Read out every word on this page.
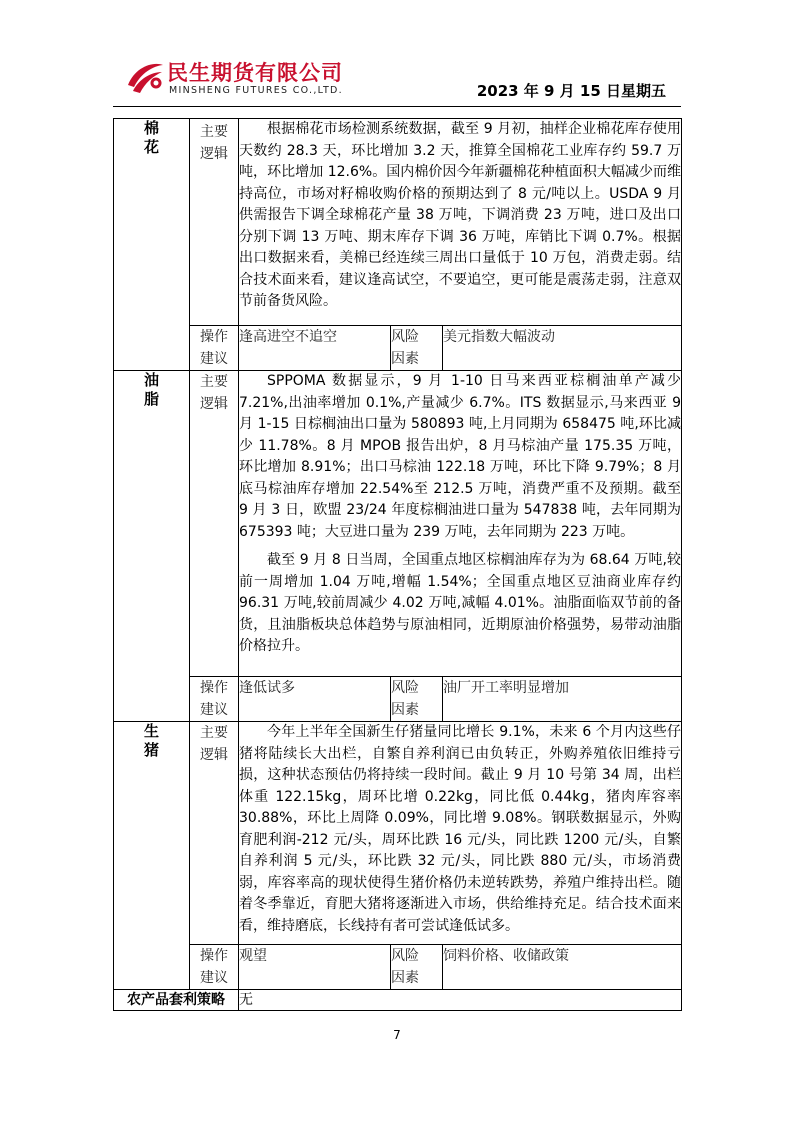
民生期货有限公司
MINSHENG FUTURES CO.,LTD.	2023 年 9 月 15 日星期五
棉花	主要逻辑	根据棉花市场检测系统数据，截至 9 月初，抽样企业棉花库存使用天数约 28.3 天，环比增加 3.2 天，推算全国棉花工业库存约 59.7 万吨，环比增加 12.6%。国内棉价因今年新疆棉花种植面积大幅减少而维持高位，市场对籽棉收购价格的预期达到了 8 元/吨以上。USDA 9 月供需报告下调全球棉花产量 38 万吨，下调消费 23 万吨，进口及出口分别下调 13 万吨、期末库存下调 36 万吨，库销比下调 0.7%。根据出口数据来看，美棉已经连续三周出口量低于 10 万包，消费走弱。结合技术面来看，建议逢高试空，不要追空，更可能是震荡走弱，注意双节前备货风险。		

	操作建议	逢高进空不追空	风险因素	美元指数大幅波动

油脂	主要逻辑	SPPOMA 数据显示，9 月 1-10 日马来西亚棕榈油单产减少 7.21%,出油率增加 0.1%,产量减少 6.7%。ITS 数据显示,马来西亚 9 月 1-15 日棕榈油出口量为 580893 吨,上月同期为 658475 吨,环比减少 11.78%。8 月 MPOB 报告出炉，8 月马棕油产量 175.35 万吨，环比增加 8.91%；出口马棕油 122.18 万吨，环比下降 9.79%；8 月底马棕油库存增加 22.54%至 212.5 万吨，消费严重不及预期。截至 9 月 3 日，欧盟 23/24 年度棕榈油进口量为 547838 吨，去年同期为 675393 吨；大豆进口量为 239 万吨，去年同期为 223 万吨。

截至 9 月 8 日当周，全国重点地区棕榈油库存为为 68.64 万吨,较前一周增加 1.04 万吨,增幅 1.54%；全国重点地区豆油商业库存约 96.31 万吨,较前周减少 4.02 万吨,减幅 4.01%。油脂面临双节前的备货，且油脂板块总体趋势与原油相同，近期原油价格强势，易带动油脂价格拉升。		

	操作建议	逢低试多	风险因素	油厂开工率明显增加

生猪	主要逻辑	今年上半年全国新生仔猪量同比增长 9.1%，未来 6 个月内这些仔猪将陆续长大出栏，自繁自养利润已由负转正，外购养殖依旧维持亏损，这种状态预估仍将持续一段时间。截止 9 月 10 号第 34 周，出栏体重 122.15kg，周环比增 0.22kg，同比低 0.44kg，猪肉库容率 30.88%，环比上周降 0.09%，同比增 9.08%。钢联数据显示，外购育肥利润-212 元/头，周环比跌 16 元/头，同比跌 1200 元/头，自繁自养利润 5 元/头，环比跌 32 元/头，同比跌 880 元/头，市场消费弱，库容率高的现状使得生猪价格仍未逆转跌势，养殖户维持出栏。随着冬季靠近，育肥大猪将逐渐进入市场，供给维持充足。结合技术面来看，维持磨底，长线持有者可尝试逢低试多。		

	操作建议	观望	风险因素	饲料价格、收储政策
农产品套利策略		无		
7
